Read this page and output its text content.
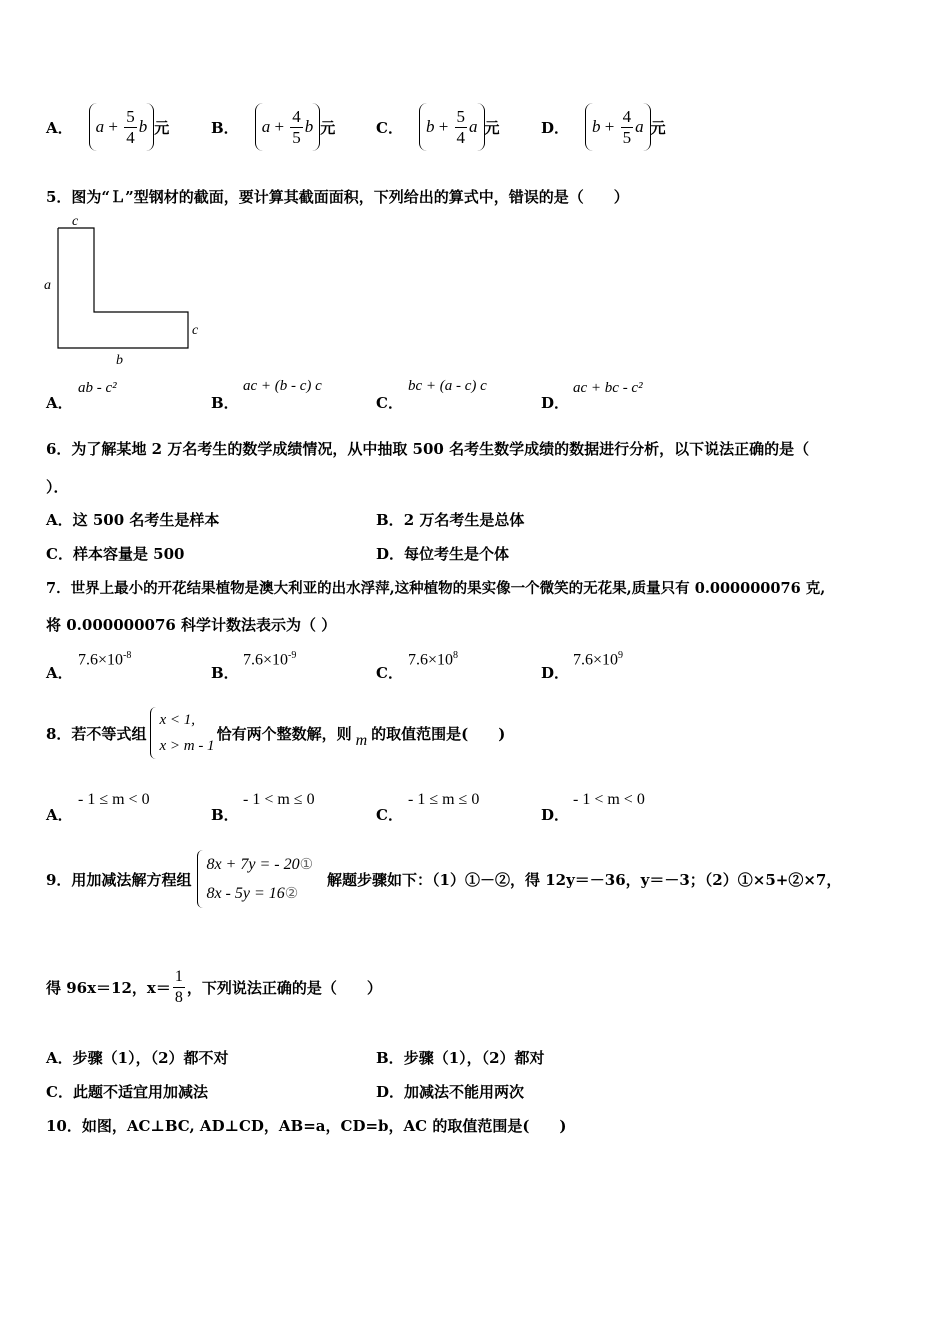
A． $a + \frac{5}{4}$ b 元	B． $a + \frac{4}{5}$ b 元	C． $b + \frac{5}{4}$ a 元	D． $b + \frac{4}{5}$ a 元
5．图为“Ｌ”型钢材的截面，要计算其截面面积，下列给出的算式中，错误的是（　　）
c
a
c
b
A．
ab - c²
B．
ac + (b - c) c
C．
bc + (a - c) c
D．
ac + bc - c²
6．为了解某地 2 万名考生的数学成绩情况，从中抽取 500 名考生数学成绩的数据进行分析，以下说法正确的是（
）．
A．这 500 名考生是样本	B．2 万名考生是总体
C．样本容量是 500	D．每位考生是个体
7．世界上最小的开花结果植物是澳大利亚的出水浮萍,这种植物的果实像一个微笑的无花果,质量只有 0.000000076 克,
将 0.000000076 科学计数法表示为（ ）
A．
$7.6\times 10^{-8}$
B．
$7.6\times 10^{-9}$
C．
$7.6\times 10^8$
D．
$7.6\times 10^9$
8．若不等式组
x < 1,
x > m - 1
恰有两个整数解，则 m 的取值范围是(　　)
A．
- 1 ≤ m < 0
B．
- 1 < m ≤ 0
C．
- 1 ≤ m ≤ 0
D．
- 1 < m < 0
9．用加减法解方程组
8x + 7y = - 20①
8x - 5y = 16②
解题步骤如下：（1）①－②，得 12y＝－36，y＝－3；（2）①×5+②×7，
得 96x＝12，$x= \frac{1}{8}$ ，下列说法正确的是（　　）
A．步骤（1），（2）都不对	B．步骤（1），（2）都对
C．此题不适宜用加减法	D．加减法不能用两次
10．如图，AC⊥BC, AD⊥CD，AB=a，CD=b，AC 的取值范围是(　　)
